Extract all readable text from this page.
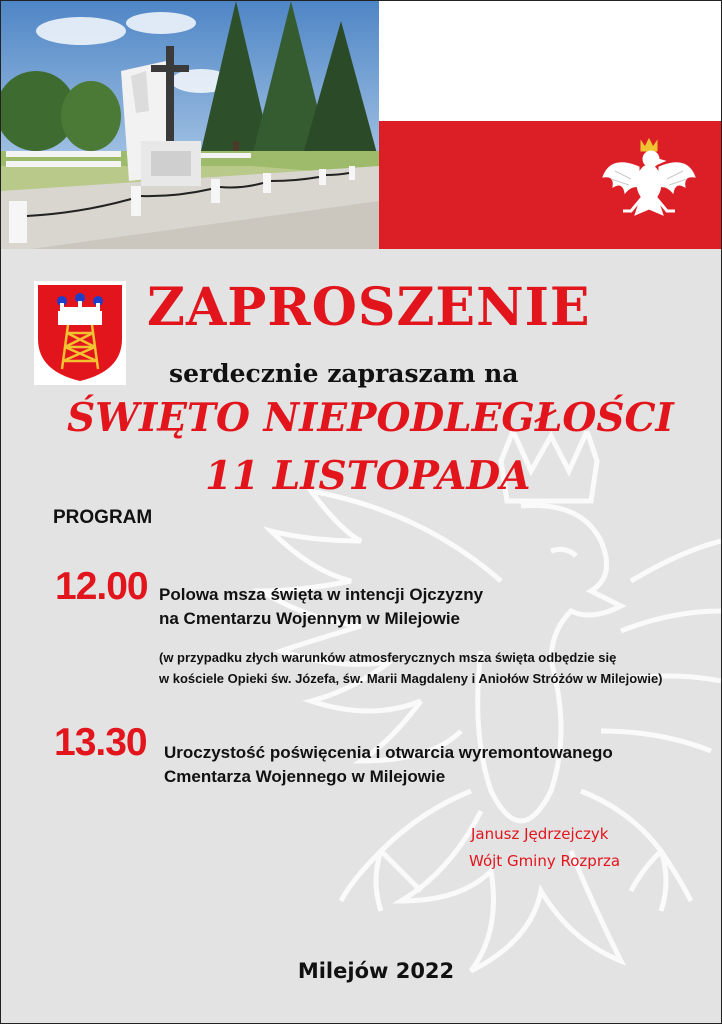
ZAPROSZENIE
serdecznie zapraszam na
ŚWIĘTO NIEPODLEGŁOŚCI
11 LISTOPADA
PROGRAM
12.00 Polowa msza święta w intencji Ojczyzny
na Cmentarzu Wojennym w Milejowie
(w przypadku złych warunków atmosferycznych msza święta odbędzie się
w kościele Opieki św. Józefa, św. Marii Magdaleny i Aniołów Stróżów w Milejowie)
13.30 Uroczystość poświęcenia i otwarcia wyremontowanego
Cmentarza Wojennego w Milejowie
Janusz Jędrzejczyk
Wójt Gminy Rozprza
Milejów 2022
